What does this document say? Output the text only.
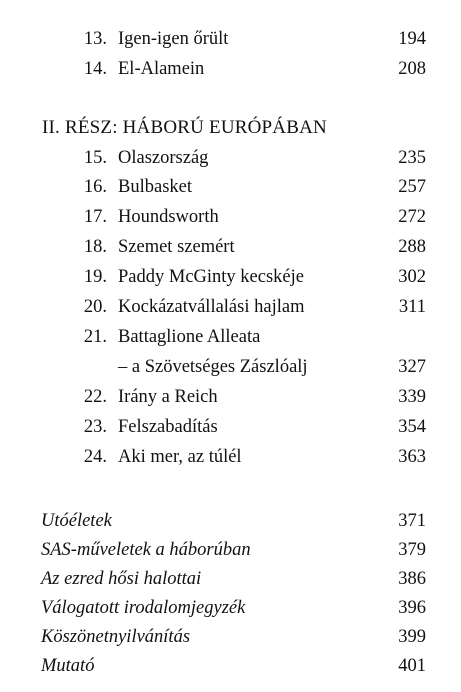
13. Igen-igen őrült	194
14. El-Alamein	208
II. RÉSZ: HÁBORÚ EURÓPÁBAN
15. Olaszország	235
16. Bulbasket	257
17. Houndsworth	272
18. Szemet szemért	288
19. Paddy McGinty kecskéje	302
20. Kockázatvállalási hajlam	311
21. Battaglione Alleata
– a Szövetséges Zászlóalj	327
22. Irány a Reich	339
23. Felszabadítás	354
24. Aki mer, az túlél	363
Utóéletek	371
SAS-műveletek a háborúban	379
Az ezred hősi halottai	386
Válogatott irodalomjegyzék	396
Köszönetnyilvánítás	399
Mutató	401
